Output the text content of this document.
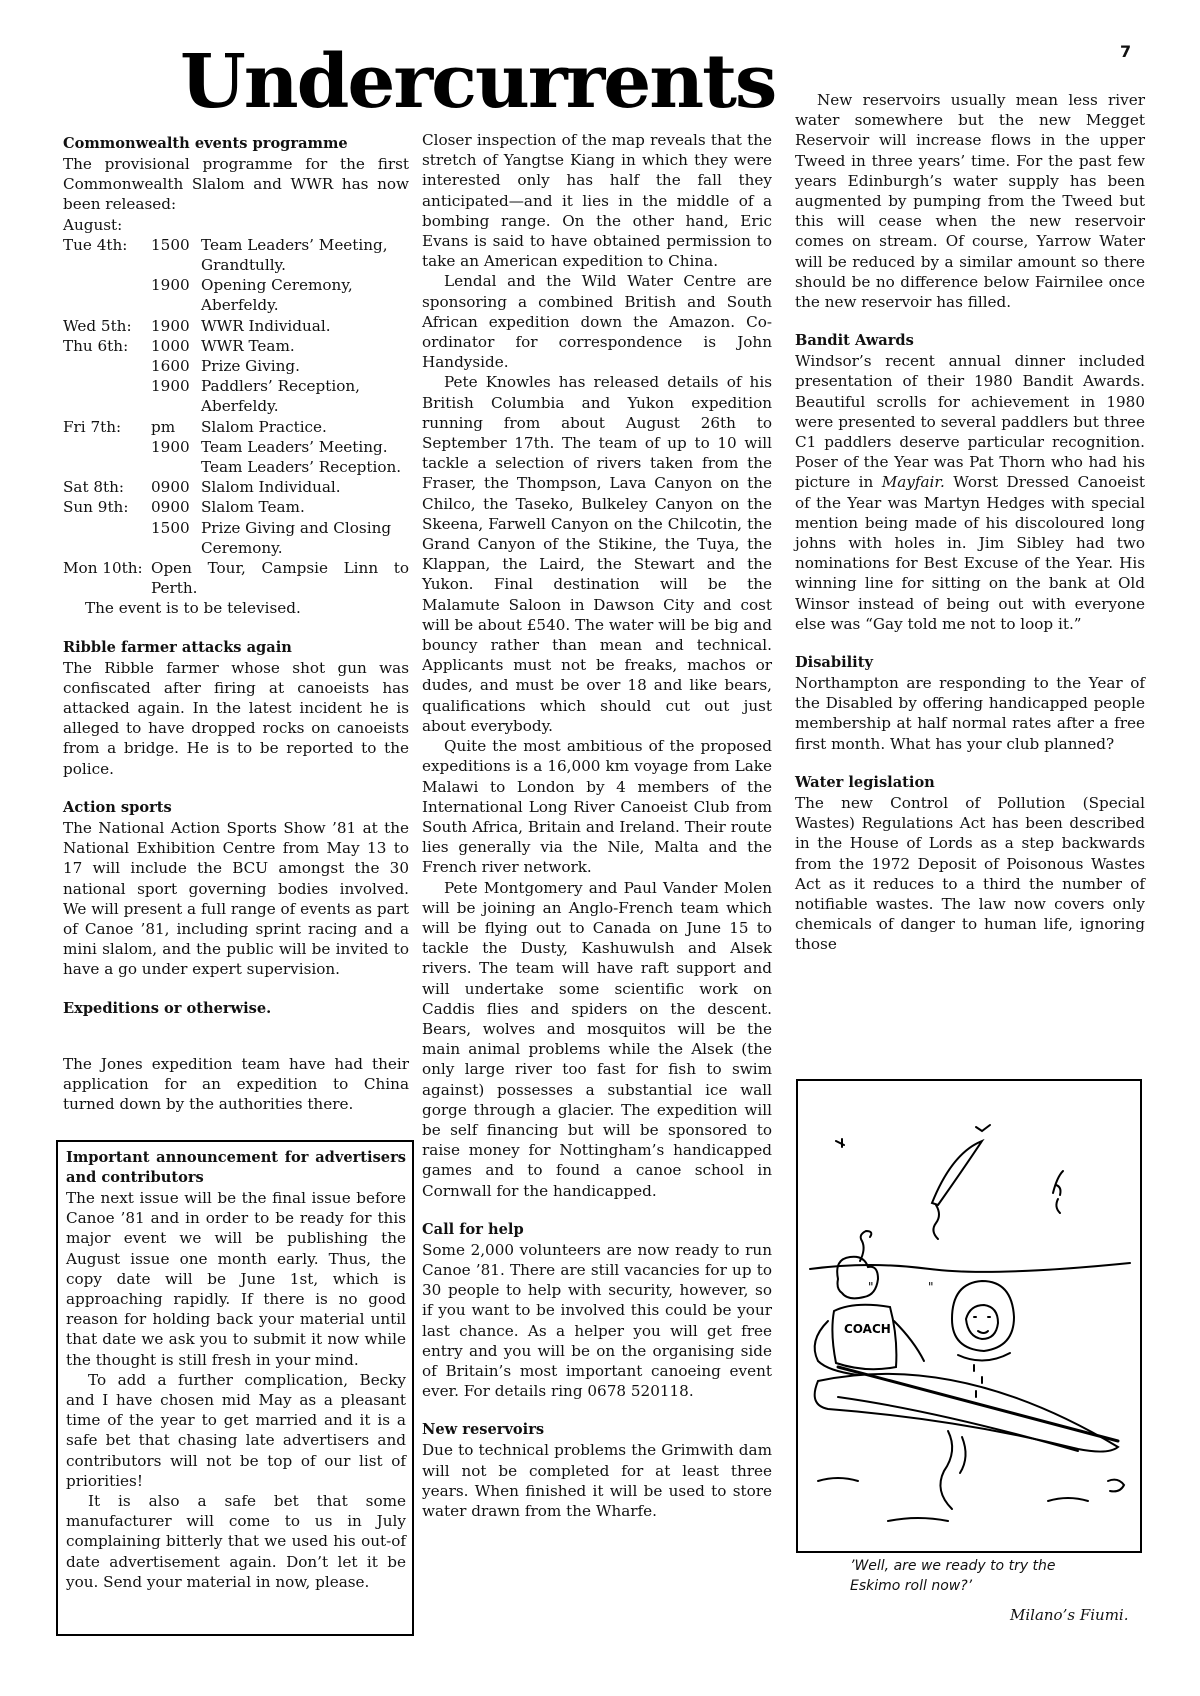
Undercurrents	7
Commonwealth events programme

The provisional programme for the first Commonwealth Slalom and WWR has now been released:

August:

Tue 4th:	1500	Team Leaders’ Meeting, Grandtully.
	1900	Opening Ceremony, Aberfeldy.
Wed 5th:	1900	WWR Individual.
Thu 6th:	1000	WWR Team.
	1600	Prize Giving.
	1900	Paddlers’ Reception, Aberfeldy.
Fri 7th:	pm	Slalom Practice.
	1900	Team Leaders’ Meeting. Team Leaders’ Reception.
Sat 8th:	0900	Slalom Individual.
Sun 9th:	0900	Slalom Team.
	1500	Prize Giving and Closing Ceremony.
Mon 10th: Open Tour, Campsie Linn to Perth.

The event is to be televised.

Ribble farmer attacks again

The Ribble farmer whose shot gun was confiscated after firing at canoeists has attacked again. In the latest incident he is alleged to have dropped rocks on canoeists from a bridge. He is to be reported to the police.

Action sports

The National Action Sports Show ’81 at the National Exhibition Centre from May 13 to 17 will include the BCU amongst the 30 national sport governing bodies involved. We will present a full range of events as part of Canoe ’81, including sprint racing and a mini slalom, and the public will be invited to have a go under expert supervision.

Expeditions or otherwise.

The Jones expedition team have had their application for an expedition to China turned down by the authorities there.

Important announcement for advertisers and contributors

The next issue will be the final issue before Canoe ’81 and in order to be ready for this major event we will be publishing the August issue one month early. Thus, the copy date will be June 1st, which is approaching rapidly. If there is no good reason for holding back your material until that date we ask you to submit it now while the thought is still fresh in your mind.

To add a further complication, Becky and I have chosen mid May as a pleasant time of the year to get married and it is a safe bet that chasing late advertisers and contributors will not be top of our list of priorities!

It is also a safe bet that some manufacturer will come to us in July complaining bitterly that we used his out-of date advertisement again. Don’t let it be you. Send your material in now, please.

Closer inspection of the map reveals that the stretch of Yangtse Kiang in which they were interested only has half the fall they anticipated—and it lies in the middle of a bombing range. On the other hand, Eric Evans is said to have obtained permission to take an American expedition to China.

Lendal and the Wild Water Centre are sponsoring a combined British and South African expedition down the Amazon. Co-ordinator for correspondence is John Handyside.

Pete Knowles has released details of his British Columbia and Yukon expedition running from about August 26th to September 17th. The team of up to 10 will tackle a selection of rivers taken from the Fraser, the Thompson, Lava Canyon on the Chilco, the Taseko, Bulkeley Canyon on the Skeena, Farwell Canyon on the Chilcotin, the Grand Canyon of the Stikine, the Tuya, the Klappan, the Laird, the Stewart and the Yukon. Final destination will be the Malamute Saloon in Dawson City and cost will be about £540. The water will be big and bouncy rather than mean and technical. Applicants must not be freaks, machos or dudes, and must be over 18 and like bears, qualifications which should cut out just about everybody.

Quite the most ambitious of the proposed expeditions is a 16,000 km voyage from Lake Malawi to London by 4 members of the International Long River Canoeist Club from South Africa, Britain and Ireland. Their route lies generally via the Nile, Malta and the French river network.

Pete Montgomery and Paul Vander Molen will be joining an Anglo-French team which will be flying out to Canada on June 15 to tackle the Dusty, Kashuwulsh and Alsek rivers. The team will have raft support and will undertake some scientific work on Caddis flies and spiders on the descent. Bears, wolves and mosquitos will be the main animal problems while the Alsek (the only large river too fast for fish to swim against) possesses a substantial ice wall gorge through a glacier. The expedition will be self financing but will be sponsored to raise money for Nottingham’s handicapped games and to found a canoe school in Cornwall for the handicapped.

Call for help

Some 2,000 volunteers are now ready to run Canoe ’81. There are still vacancies for up to 30 people to help with security, however, so if you want to be involved this could be your last chance. As a helper you will get free entry and you will be on the organising side of Britain’s most important canoeing event ever. For details ring 0678 520118.

New reservoirs

Due to technical problems the Grimwith dam will not be completed for at least three years. When finished it will be used to store water drawn from the Wharfe.

New reservoirs usually mean less river water somewhere but the new Megget Reservoir will increase flows in the upper Tweed in three years’ time. For the past few years Edinburgh’s water supply has been augmented by pumping from the Tweed but this will cease when the new reservoir comes on stream. Of course, Yarrow Water will be reduced by a similar amount so there should be no difference below Fairnilee once the new reservoir has filled.

Bandit Awards

Windsor’s recent annual dinner included presentation of their 1980 Bandit Awards. Beautiful scrolls for achievement in 1980 were presented to several paddlers but three C1 paddlers deserve particular recognition. Poser of the Year was Pat Thorn who had his picture in Mayfair. Worst Dressed Canoeist of the Year was Martyn Hedges with special mention being made of his discoloured long johns with holes in. Jim Sibley had two nominations for Best Excuse of the Year. His winning line for sitting on the bank at Old Winsor instead of being out with everyone else was “Gay told me not to loop it.”

Disability

Northampton are responding to the Year of the Disabled by offering handicapped people membership at half normal rates after a free first month. What has your club planned?

Water legislation

The new Control of Pollution (Special Wastes) Regulations Act has been described in the House of Lords as a step backwards from the 1972 Deposit of Poisonous Wastes Act as it reduces to a third the number of notifiable wastes. The law now covers only chemicals of danger to human life, ignoring those

COACH
"	"
’Well, are we ready to try the
Eskimo roll now?’
Milano’s Fiumi.
